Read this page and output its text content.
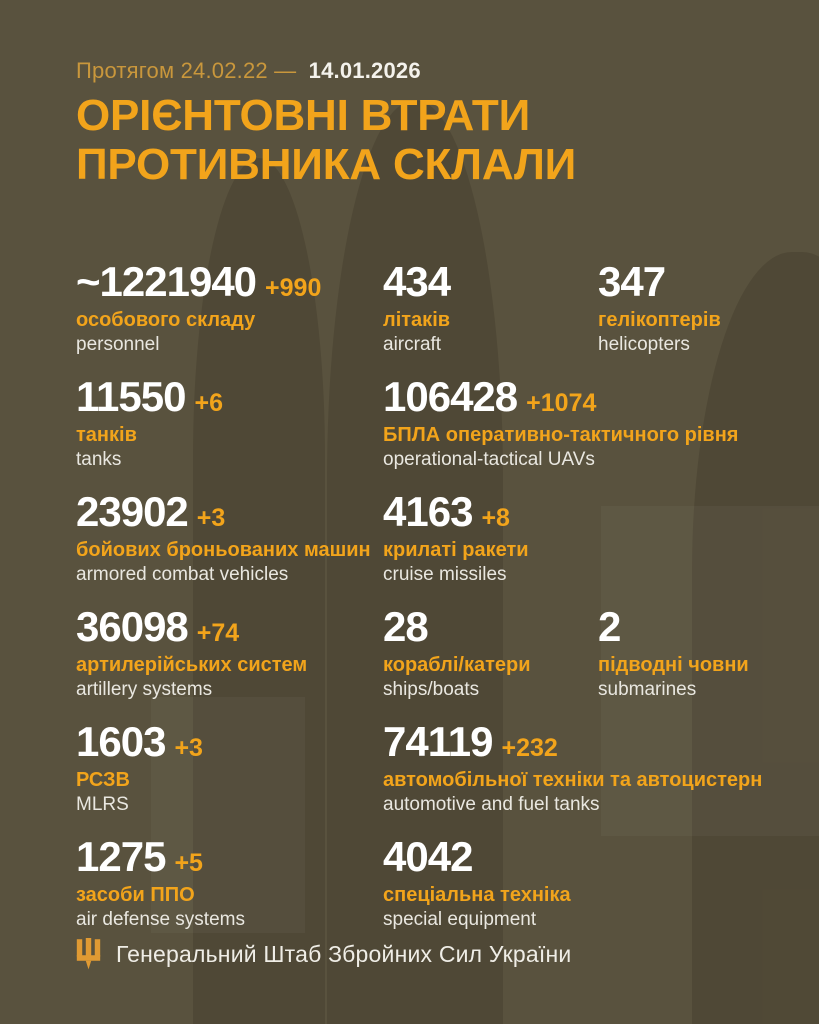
Протягом 24.02.22 — 14.01.2026
ОРІЄНТОВНІ ВТРАТИ
ПРОТИВНИКА СКЛАЛИ
~1221940 +990
особового складу
personnel
434
літаків
aircraft
347
гелікоптерів
helicopters
11550 +6
танків
tanks
106428 +1074
БПЛА оперативно-тактичного рівня
operational-tactical UAVs
23902 +3
бойових броньованих машин
armored combat vehicles
4163 +8
крилаті ракети
cruise missiles
36098 +74
артилерійських систем
artillery systems
28
кораблі/катери
ships/boats
2
підводні човни
submarines
1603 +3
РСЗВ
MLRS
74119 +232
автомобільної техніки та автоцистерн
automotive and fuel tanks
1275 +5
засоби ППО
air defense systems
4042
спеціальна техніка
special equipment
Генеральний Штаб Збройних Сил України
